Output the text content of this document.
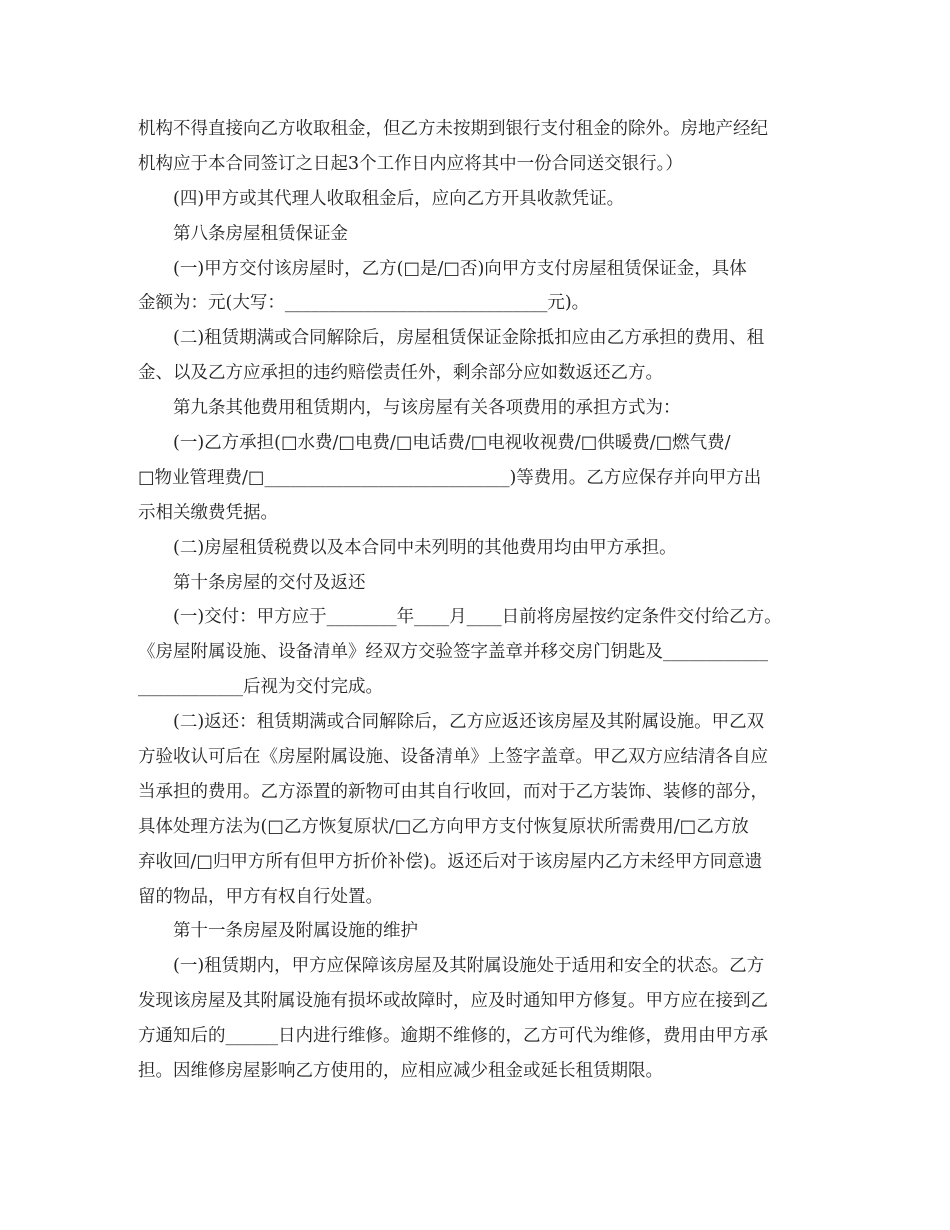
机构不得直接向乙方收取租金，但乙方未按期到银行支付租金的除外。房地产经纪
机构应于本合同签订之日起3个工作日内应将其中一份合同送交银行。）
(四)甲方或其代理人收取租金后，应向乙方开具收款凭证。
第八条房屋租赁保证金
(一)甲方交付该房屋时，乙方(□是/□否)向甲方支付房屋租赁保证金，具体
金额为：元(大写：______________________________元)。
(二)租赁期满或合同解除后，房屋租赁保证金除抵扣应由乙方承担的费用、租
金、以及乙方应承担的违约赔偿责任外，剩余部分应如数返还乙方。
第九条其他费用租赁期内，与该房屋有关各项费用的承担方式为：
(一)乙方承担(□水费/□电费/□电话费/□电视收视费/□供暖费/□燃气费/
□物业管理费/□____________________________)等费用。乙方应保存并向甲方出
示相关缴费凭据。
(二)房屋租赁税费以及本合同中未列明的其他费用均由甲方承担。
第十条房屋的交付及返还
(一)交付：甲方应于________年____月____日前将房屋按约定条件交付给乙方。
《房屋附属设施、设备清单》经双方交验签字盖章并移交房门钥匙及____________
____________后视为交付完成。
(二)返还：租赁期满或合同解除后，乙方应返还该房屋及其附属设施。甲乙双
方验收认可后在《房屋附属设施、设备清单》上签字盖章。甲乙双方应结清各自应
当承担的费用。乙方添置的新物可由其自行收回，而对于乙方装饰、装修的部分，
具体处理方法为(□乙方恢复原状/□乙方向甲方支付恢复原状所需费用/□乙方放
弃收回/□归甲方所有但甲方折价补偿)。返还后对于该房屋内乙方未经甲方同意遗
留的物品，甲方有权自行处置。
第十一条房屋及附属设施的维护
(一)租赁期内，甲方应保障该房屋及其附属设施处于适用和安全的状态。乙方
发现该房屋及其附属设施有损坏或故障时，应及时通知甲方修复。甲方应在接到乙
方通知后的______日内进行维修。逾期不维修的，乙方可代为维修，费用由甲方承
担。因维修房屋影响乙方使用的，应相应减少租金或延长租赁期限。
